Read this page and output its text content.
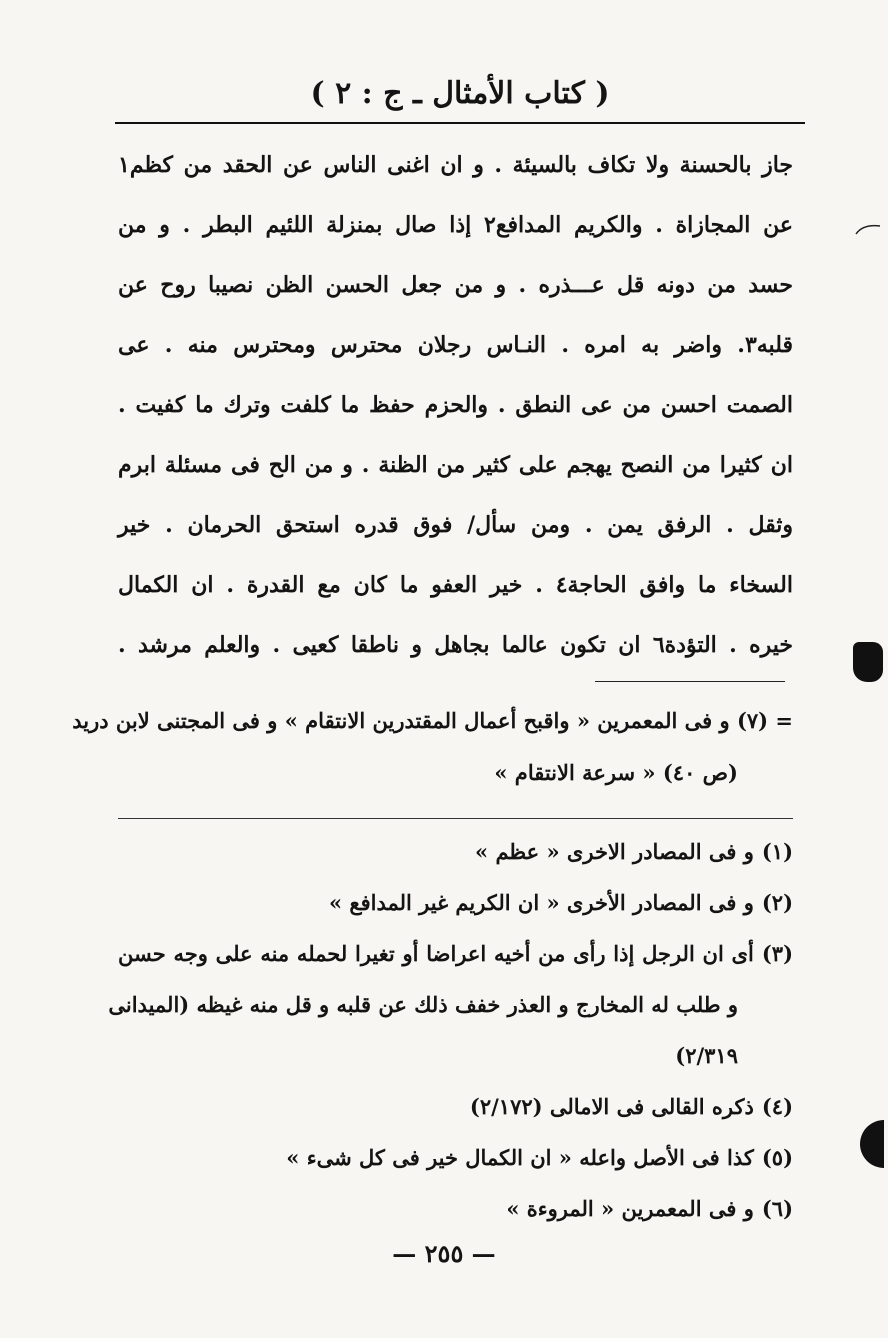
( كتاب الأمثال ـ ج : ٢ )
جاز بالحسنة ولا تكاف بالسيئة . و ان اغنى الناس عن الحقد من كظم١
عن المجازاة . والكريم المدافع٢ إذا صال بمنزلة اللئيم البطر . و من
حسد من دونه قل عـــذره . و من جعل الحسن الظن نصيبا روح عن
قلبه٣. واضر به امره . النـاس رجلان محترس ومحترس منه . عى
الصمت احسن من عى النطق . والحزم حفظ ما كلفت وترك ما كفيت .
ان كثيرا من النصح يهجم على كثير من الظنة . و من الح فى مسئلة ابرم
وثقل . الرفق يمن . ومن سأل/ فوق قدره استحق الحرمان . خير
السخاء ما وافق الحاجة٤ . خير العفو ما كان مع القدرة . ان الكمال
خيره . التؤدة٦ ان تكون عالما بجاهل و ناطقا كعيى . والعلم مرشد .
= (٧) و فى المعمرين « واقبح أعمال المقتدرين الانتقام » و فى المجتنى لابن دريد
(ص ٤٠) « سرعة الانتقام »
(١)و فى المصادر الاخرى « عظم »
(٢)و فى المصادر الأخرى « ان الكريم غير المدافع »
(٣)أى ان الرجل إذا رأى من أخيه اعراضا أو تغيرا لحمله منه على وجه حسن
و طلب له المخارج و العذر خفف ذلك عن قلبه و قل منه غيظه (الميدانى
٢/٣١٩)
(٤)ذكره القالى فى الامالى (٢/١٧٢)
(٥)كذا فى الأصل واعله « ان الكمال خير فى كل شىء »
(٦)و فى المعمرين « المروءة »
— ٢٥٥ —
